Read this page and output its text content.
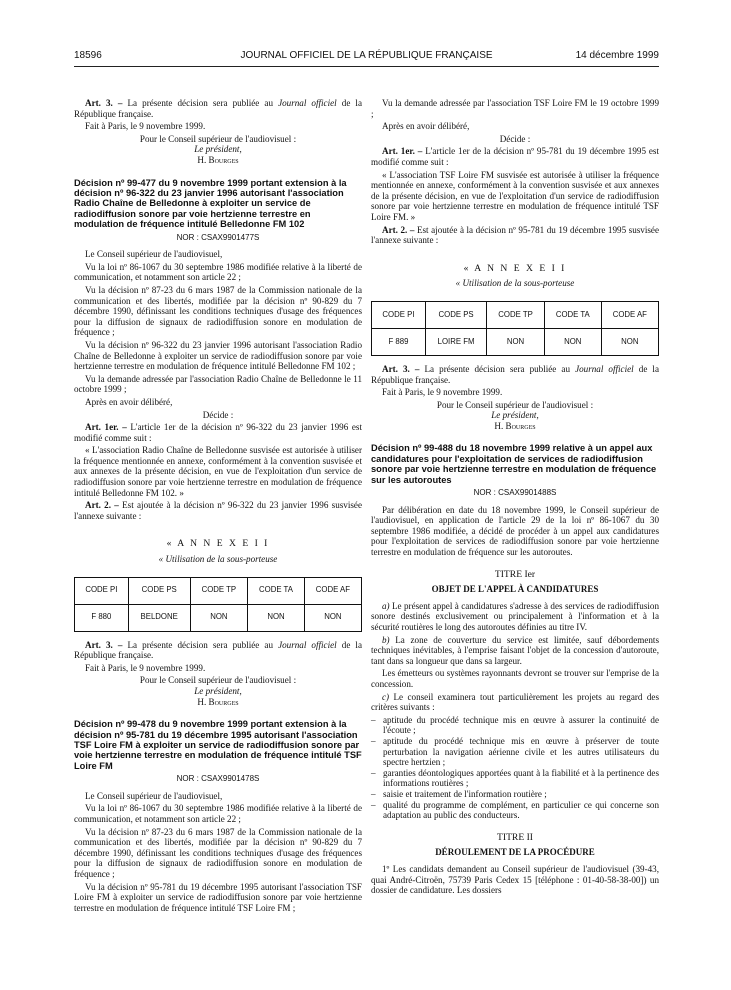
18596	JOURNAL OFFICIEL DE LA RÉPUBLIQUE FRANÇAISE	14 décembre 1999

Art. 3. – La présente décision sera publiée au Journal officiel de la République française.

Fait à Paris, le 9 novembre 1999.

Pour le Conseil supérieur de l'audiovisuel :

Le président,

H. Bourges

Décision nº 99-477 du 9 novembre 1999 portant extension à la décision nº 96-322 du 23 janvier 1996 autorisant l'association Radio Chaîne de Belledonne à exploiter un service de radiodiffusion sonore par voie hertzienne terrestre en modulation de fréquence intitulé Belledonne FM 102

NOR : CSAX9901477S

Le Conseil supérieur de l'audiovisuel,

Vu la loi nº 86-1067 du 30 septembre 1986 modifiée relative à la liberté de communication, et notamment son article 22 ;

Vu la décision nº 87-23 du 6 mars 1987 de la Commission nationale de la communication et des libertés, modifiée par la décision nº 90-829 du 7 décembre 1990, définissant les conditions techniques d'usage des fréquences pour la diffusion de signaux de radiodiffusion sonore en modulation de fréquence ;

Vu la décision nº 96-322 du 23 janvier 1996 autorisant l'association Radio Chaîne de Belledonne à exploiter un service de radiodiffusion sonore par voie hertzienne terrestre en modulation de fréquence intitulé Belledonne FM 102 ;

Vu la demande adressée par l'association Radio Chaîne de Belledonne le 11 octobre 1999 ;

Après en avoir délibéré,

Décide :

Art. 1er. – L'article 1er de la décision nº 96-322 du 23 janvier 1996 est modifié comme suit :

« L'association Radio Chaîne de Belledonne susvisée est autorisée à utiliser la fréquence mentionnée en annexe, conformément à la convention susvisée et aux annexes de la présente décision, en vue de l'exploitation d'un service de radiodiffusion sonore par voie hertzienne terrestre en modulation de fréquence intitulé Belledonne FM 102. »

Art. 2. – Est ajoutée à la décision nº 96-322 du 23 janvier 1996 susvisée l'annexe suivante :

« A N N E X E I I

« Utilisation de la sous-porteuse

CODE PI	CODE PS	CODE TP	CODE TA	CODE AF
F 880	BELDONE	NON	NON	NON

Art. 3. – La présente décision sera publiée au Journal officiel de la République française.

Fait à Paris, le 9 novembre 1999.

Pour le Conseil supérieur de l'audiovisuel :

Le président,

H. Bourges

Décision nº 99-478 du 9 novembre 1999 portant extension à la décision nº 95-781 du 19 décembre 1995 autorisant l'association TSF Loire FM à exploiter un service de radiodiffusion sonore par voie hertzienne terrestre en modulation de fréquence intitulé TSF Loire FM

NOR : CSAX9901478S

Le Conseil supérieur de l'audiovisuel,

Vu la loi nº 86-1067 du 30 septembre 1986 modifiée relative à la liberté de communication, et notamment son article 22 ;

Vu la décision nº 87-23 du 6 mars 1987 de la Commission nationale de la communication et des libertés, modifiée par la décision nº 90-829 du 7 décembre 1990, définissant les conditions techniques d'usage des fréquences pour la diffusion de signaux de radiodiffusion sonore en modulation de fréquence ;

Vu la décision nº 95-781 du 19 décembre 1995 autorisant l'association TSF Loire FM à exploiter un service de radiodiffusion sonore par voie hertzienne terrestre en modulation de fréquence intitulé TSF Loire FM ;

Vu la demande adressée par l'association TSF Loire FM le 19 octobre 1999 ;

Après en avoir délibéré,

Décide :

Art. 1er. – L'article 1er de la décision nº 95-781 du 19 décembre 1995 est modifié comme suit :

« L'association TSF Loire FM susvisée est autorisée à utiliser la fréquence mentionnée en annexe, conformément à la convention susvisée et aux annexes de la présente décision, en vue de l'exploitation d'un service de radiodiffusion sonore par voie hertzienne terrestre en modulation de fréquence intitulé TSF Loire FM. »

Art. 2. – Est ajoutée à la décision nº 95-781 du 19 décembre 1995 susvisée l'annexe suivante :

« A N N E X E I I

« Utilisation de la sous-porteuse

CODE PI	CODE PS	CODE TP	CODE TA	CODE AF
F 889	LOIRE FM	NON	NON	NON

Art. 3. – La présente décision sera publiée au Journal officiel de la République française.

Fait à Paris, le 9 novembre 1999.

Pour le Conseil supérieur de l'audiovisuel :

Le président,

H. Bourges

Décision nº 99-488 du 18 novembre 1999 relative à un appel aux candidatures pour l'exploitation de services de radiodiffusion sonore par voie hertzienne terrestre en modulation de fréquence sur les autoroutes

NOR : CSAX9901488S

Par délibération en date du 18 novembre 1999, le Conseil supérieur de l'audiovisuel, en application de l'article 29 de la loi nº 86-1067 du 30 septembre 1986 modifiée, a décidé de procéder à un appel aux candidatures pour l'exploitation de services de radiodiffusion sonore par voie hertzienne terrestre en modulation de fréquence sur les autoroutes.

TITRE Ier

OBJET DE L'APPEL À CANDIDATURES

a) Le présent appel à candidatures s'adresse à des services de radiodiffusion sonore destinés exclusivement ou principalement à l'information et à la sécurité routières le long des autoroutes définies au titre IV.

b) La zone de couverture du service est limitée, sauf débordements techniques inévitables, à l'emprise faisant l'objet de la concession d'autoroute, tant dans sa longueur que dans sa largeur.

Les émetteurs ou systèmes rayonnants devront se trouver sur l'emprise de la concession.

c) Le conseil examinera tout particulièrement les projets au regard des critères suivants :

– aptitude du procédé technique mis en œuvre à assurer la continuité de l'écoute ;
– aptitude du procédé technique mis en œuvre à préserver de toute perturbation la navigation aérienne civile et les autres utilisateurs du spectre hertzien ;
– garanties déontologiques apportées quant à la fiabilité et à la pertinence des informations routières ;
– saisie et traitement de l'information routière ;
– qualité du programme de complément, en particulier ce qui concerne son adaptation au public des conducteurs.

TITRE II

DÉROULEMENT DE LA PROCÉDURE

1º Les candidats demandent au Conseil supérieur de l'audiovisuel (39-43, quai André-Citroën, 75739 Paris Cedex 15 [téléphone : 01-40-58-38-00]) un dossier de candidature. Les dossiers
